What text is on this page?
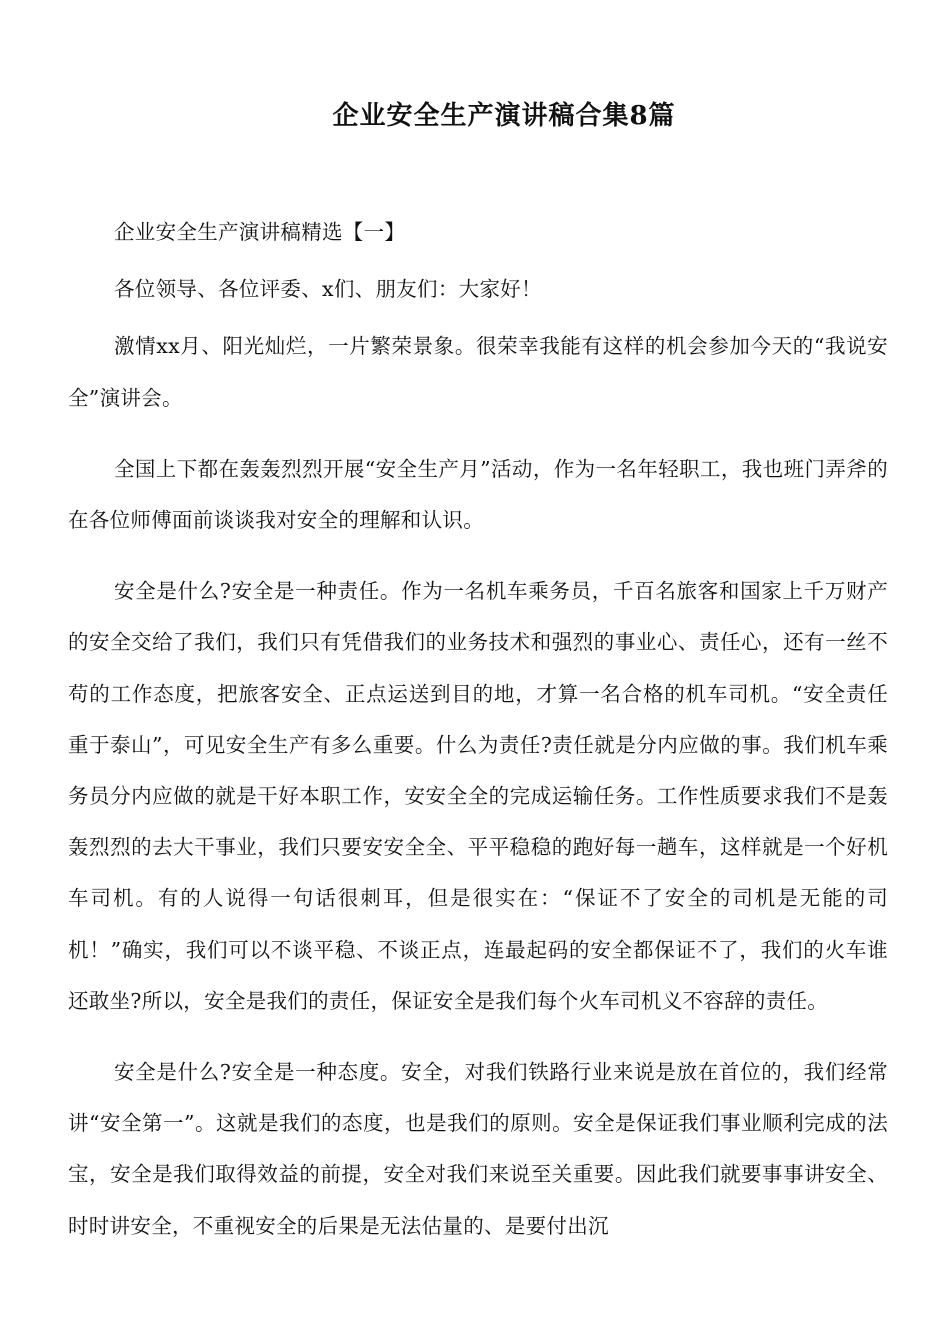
企业安全生产演讲稿合集8篇

企业安全生产演讲稿精选【一】

各位领导、各位评委、x们、朋友们：大家好！

激情xx月、阳光灿烂，一片繁荣景象。很荣幸我能有这样的机会参加今天的“我说安全”演讲会。

全国上下都在轰轰烈烈开展“安全生产月”活动，作为一名年轻职工，我也班门弄斧的在各位师傅面前谈谈我对安全的理解和认识。

安全是什么?安全是一种责任。作为一名机车乘务员，千百名旅客和国家上千万财产的安全交给了我们，我们只有凭借我们的业务技术和强烈的事业心、责任心，还有一丝不苟的工作态度，把旅客安全、正点运送到目的地，才算一名合格的机车司机。“安全责任重于泰山”，可见安全生产有多么重要。什么为责任?责任就是分内应做的事。我们机车乘务员分内应做的就是干好本职工作，安安全全的完成运输任务。工作性质要求我们不是轰轰烈烈的去大干事业，我们只要安安全全、平平稳稳的跑好每一趟车，这样就是一个好机车司机。有的人说得一句话很刺耳，但是很实在：“保证不了安全的司机是无能的司机！”确实，我们可以不谈平稳、不谈正点，连最起码的安全都保证不了，我们的火车谁还敢坐?所以，安全是我们的责任，保证安全是我们每个火车司机义不容辞的责任。

安全是什么?安全是一种态度。安全，对我们铁路行业来说是放在首位的，我们经常讲“安全第一”。这就是我们的态度，也是我们的原则。安全是保证我们事业顺利完成的法宝，安全是我们取得效益的前提，安全对我们来说至关重要。因此我们就要事事讲安全、时时讲安全，不重视安全的后果是无法估量的、是要付出沉
